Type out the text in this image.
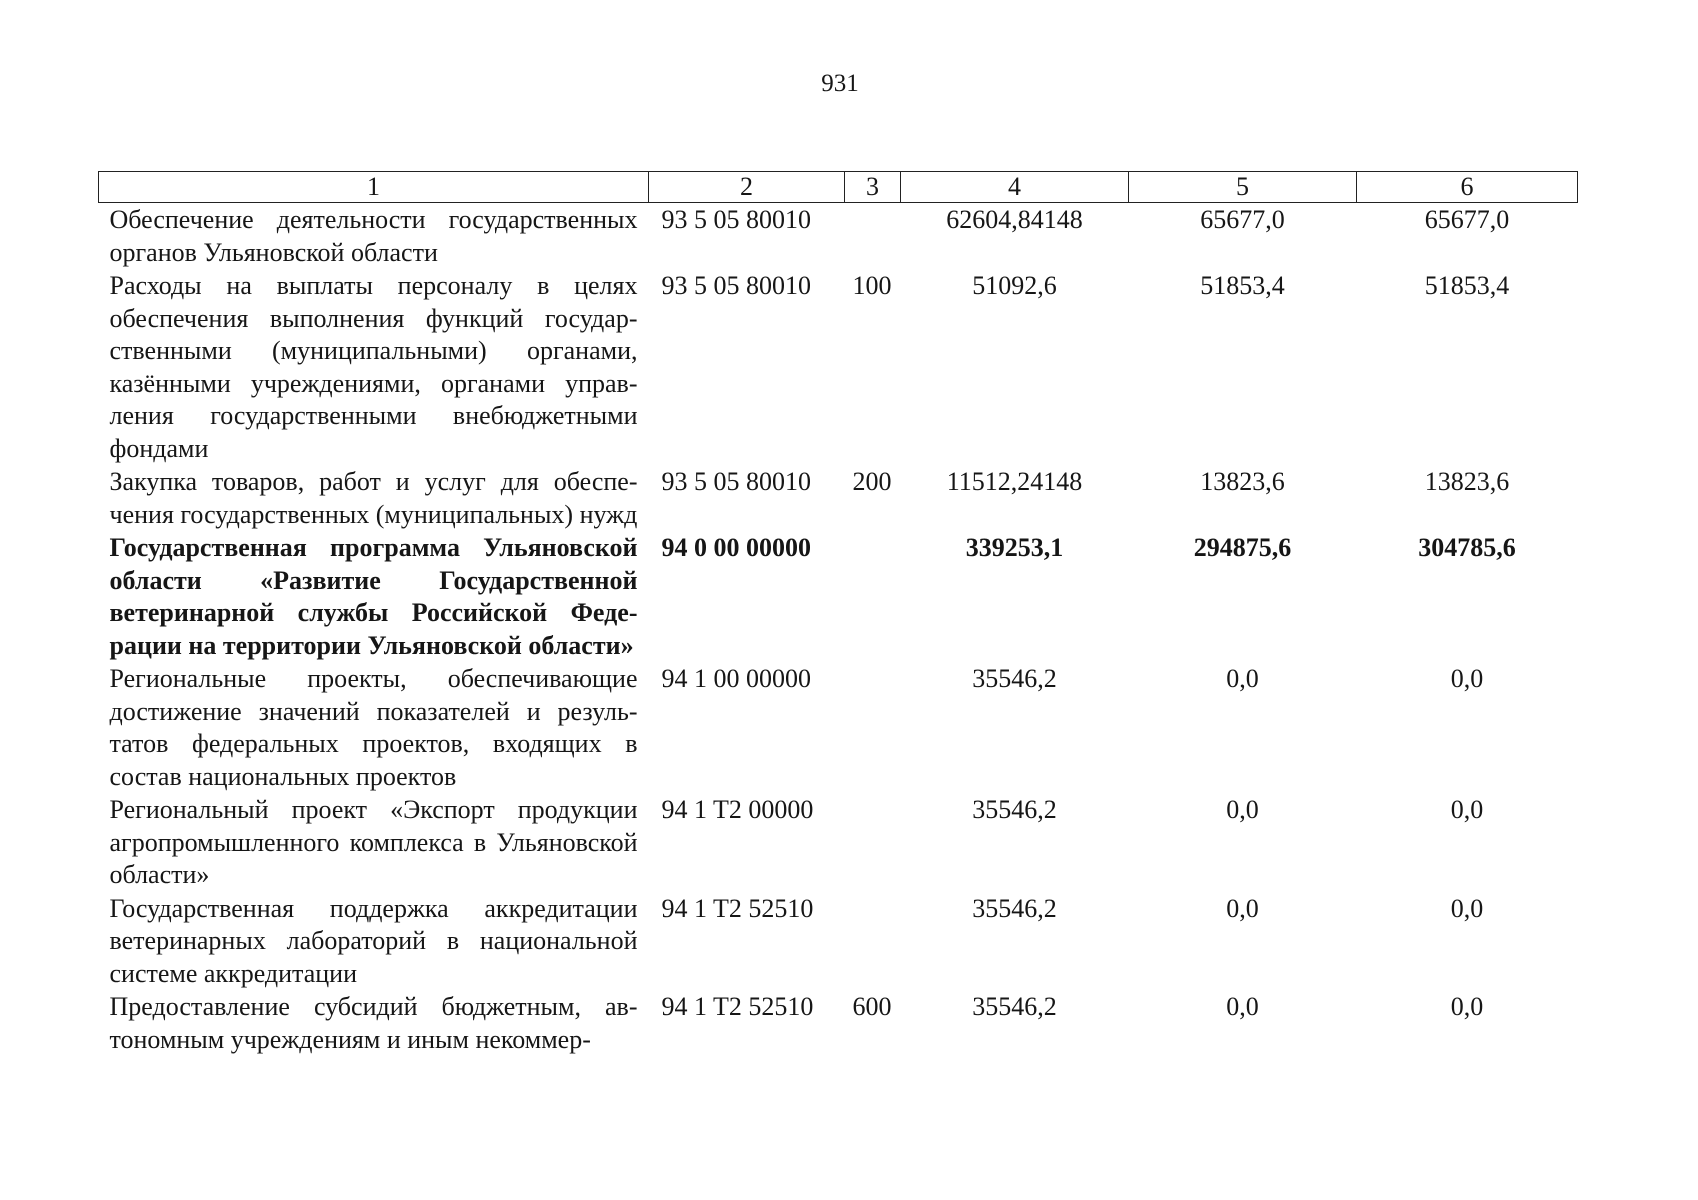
931
1	2	3	4	5	6
Обеспечение деятельности государственных органов Ульяновской области	93 5 05 80010		62604,84148	65677,0	65677,0
Расходы на выплаты персоналу в целях обеспечения выполнения функций государственными (муниципальными) органами, казёнными учреждениями, органами управления государственными внебюджетными фондами	93 5 05 80010	100	51092,6	51853,4	51853,4
Закупка товаров, работ и услуг для обеспечения государственных (муниципальных) нужд	93 5 05 80010	200	11512,24148	13823,6	13823,6
Государственная программа Ульяновской области «Развитие Государственной ветеринарной службы Российской Федерации на территории Ульяновской области»	94 0 00 00000		339253,1	294875,6	304785,6
Региональные проекты, обеспечивающие достижение значений показателей и результатов федеральных проектов, входящих в состав национальных проектов	94 1 00 00000		35546,2	0,0	0,0
Региональный проект «Экспорт продукции агропромышленного комплекса в Ульяновской области»	94 1 T2 00000		35546,2	0,0	0,0
Государственная поддержка аккредитации ветеринарных лабораторий в национальной системе аккредитации	94 1 T2 52510		35546,2	0,0	0,0
Предоставление субсидий бюджетным, автономным учреждениям и иным некоммер-	94 1 T2 52510	600	35546,2	0,0	0,0
